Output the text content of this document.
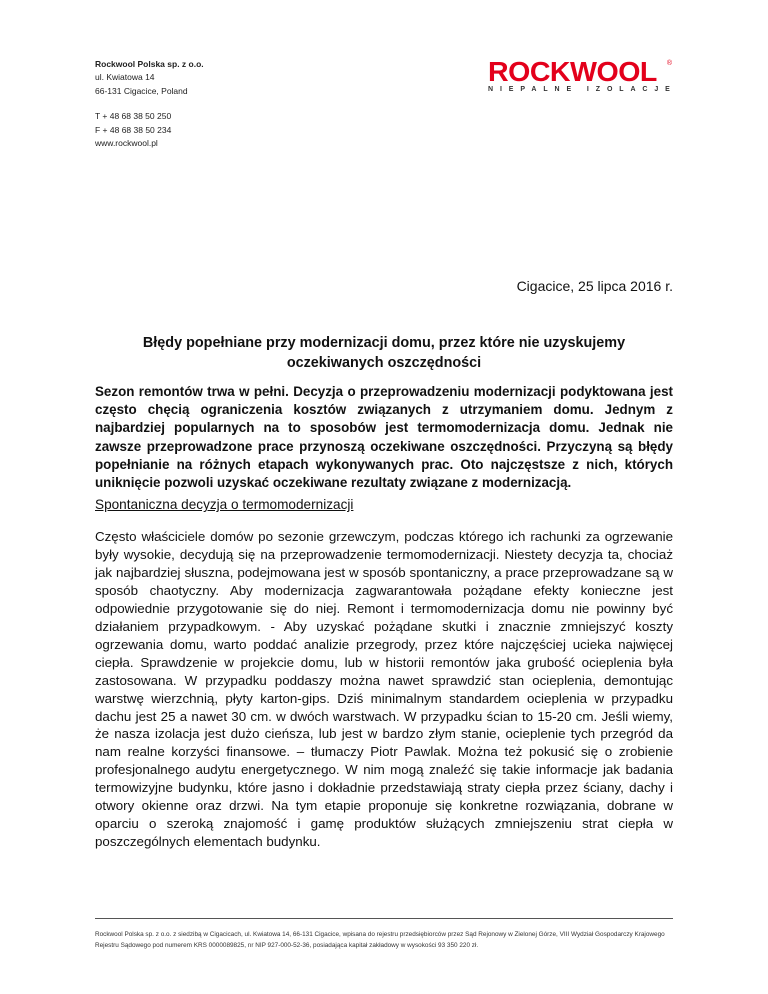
Rockwool Polska sp. z o.o.
ul. Kwiatowa 14
66-131 Cigacice, Poland
T + 48 68 38 50 250
F + 48 68 38 50 234
www.rockwool.pl
ROCKWOOL	®
NIEPALNE IZOLACJE
Cigacice, 25 lipca 2016 r.
Błędy popełniane przy modernizacji domu, przez które nie uzyskujemy oczekiwanych oszczędności
Sezon remontów trwa w pełni. Decyzja o przeprowadzeniu modernizacji podyktowana jest często chęcią ograniczenia kosztów związanych z utrzymaniem domu. Jednym z najbardziej popularnych na to sposobów jest termomodernizacja domu. Jednak nie zawsze przeprowadzone prace przynoszą oczekiwane oszczędności. Przyczyną są błędy popełnianie na różnych etapach wykonywanych prac. Oto najczęstsze z nich, których uniknięcie pozwoli uzyskać oczekiwane rezultaty związane z modernizacją.
Spontaniczna decyzja o termomodernizacji
Często właściciele domów po sezonie grzewczym, podczas którego ich rachunki za ogrzewanie były wysokie, decydują się na przeprowadzenie termomodernizacji. Niestety decyzja ta, chociaż jak najbardziej słuszna, podejmowana jest w sposób spontaniczny, a prace przeprowadzane są w sposób chaotyczny. Aby modernizacja zagwarantowała pożądane efekty konieczne jest odpowiednie przygotowanie się do niej. Remont i termomodernizacja domu nie powinny być działaniem przypadkowym. - Aby uzyskać pożądane skutki i znacznie zmniejszyć koszty ogrzewania domu, warto poddać analizie przegrody, przez które najczęściej ucieka najwięcej ciepła. Sprawdzenie w projekcie domu, lub w historii remontów jaka grubość ocieplenia była zastosowana. W przypadku poddaszy można nawet sprawdzić stan ocieplenia, demontując warstwę wierzchnią, płyty karton-gips. Dziś minimalnym standardem ocieplenia w przypadku dachu jest 25 a nawet 30 cm. w dwóch warstwach. W przypadku ścian to 15-20 cm. Jeśli wiemy, że nasza izolacja jest dużo cieńsza, lub jest w bardzo złym stanie, ocieplenie tych przegród da nam realne korzyści finansowe. – tłumaczy Piotr Pawlak. Można też pokusić się o zrobienie profesjonalnego audytu energetycznego. W nim mogą znaleźć się takie informacje jak badania termowizyjne budynku, które jasno i dokładnie przedstawiają straty ciepła przez ściany, dachy i otwory okienne oraz drzwi. Na tym etapie proponuje się konkretne rozwiązania, dobrane w oparciu o szeroką znajomość i gamę produktów służących zmniejszeniu strat ciepła w poszczególnych elementach budynku.
Rockwool Polska sp. z o.o. z siedzibą w Cigacicach, ul. Kwiatowa 14, 66-131 Cigacice, wpisana do rejestru przedsiębiorców przez Sąd Rejonowy w Zielonej Górze, VIII Wydział Gospodarczy Krajowego Rejestru Sądowego pod numerem KRS 0000089825, nr NIP 927-000-52-36, posiadająca kapitał zakładowy w wysokości 93 350 220 zł.
